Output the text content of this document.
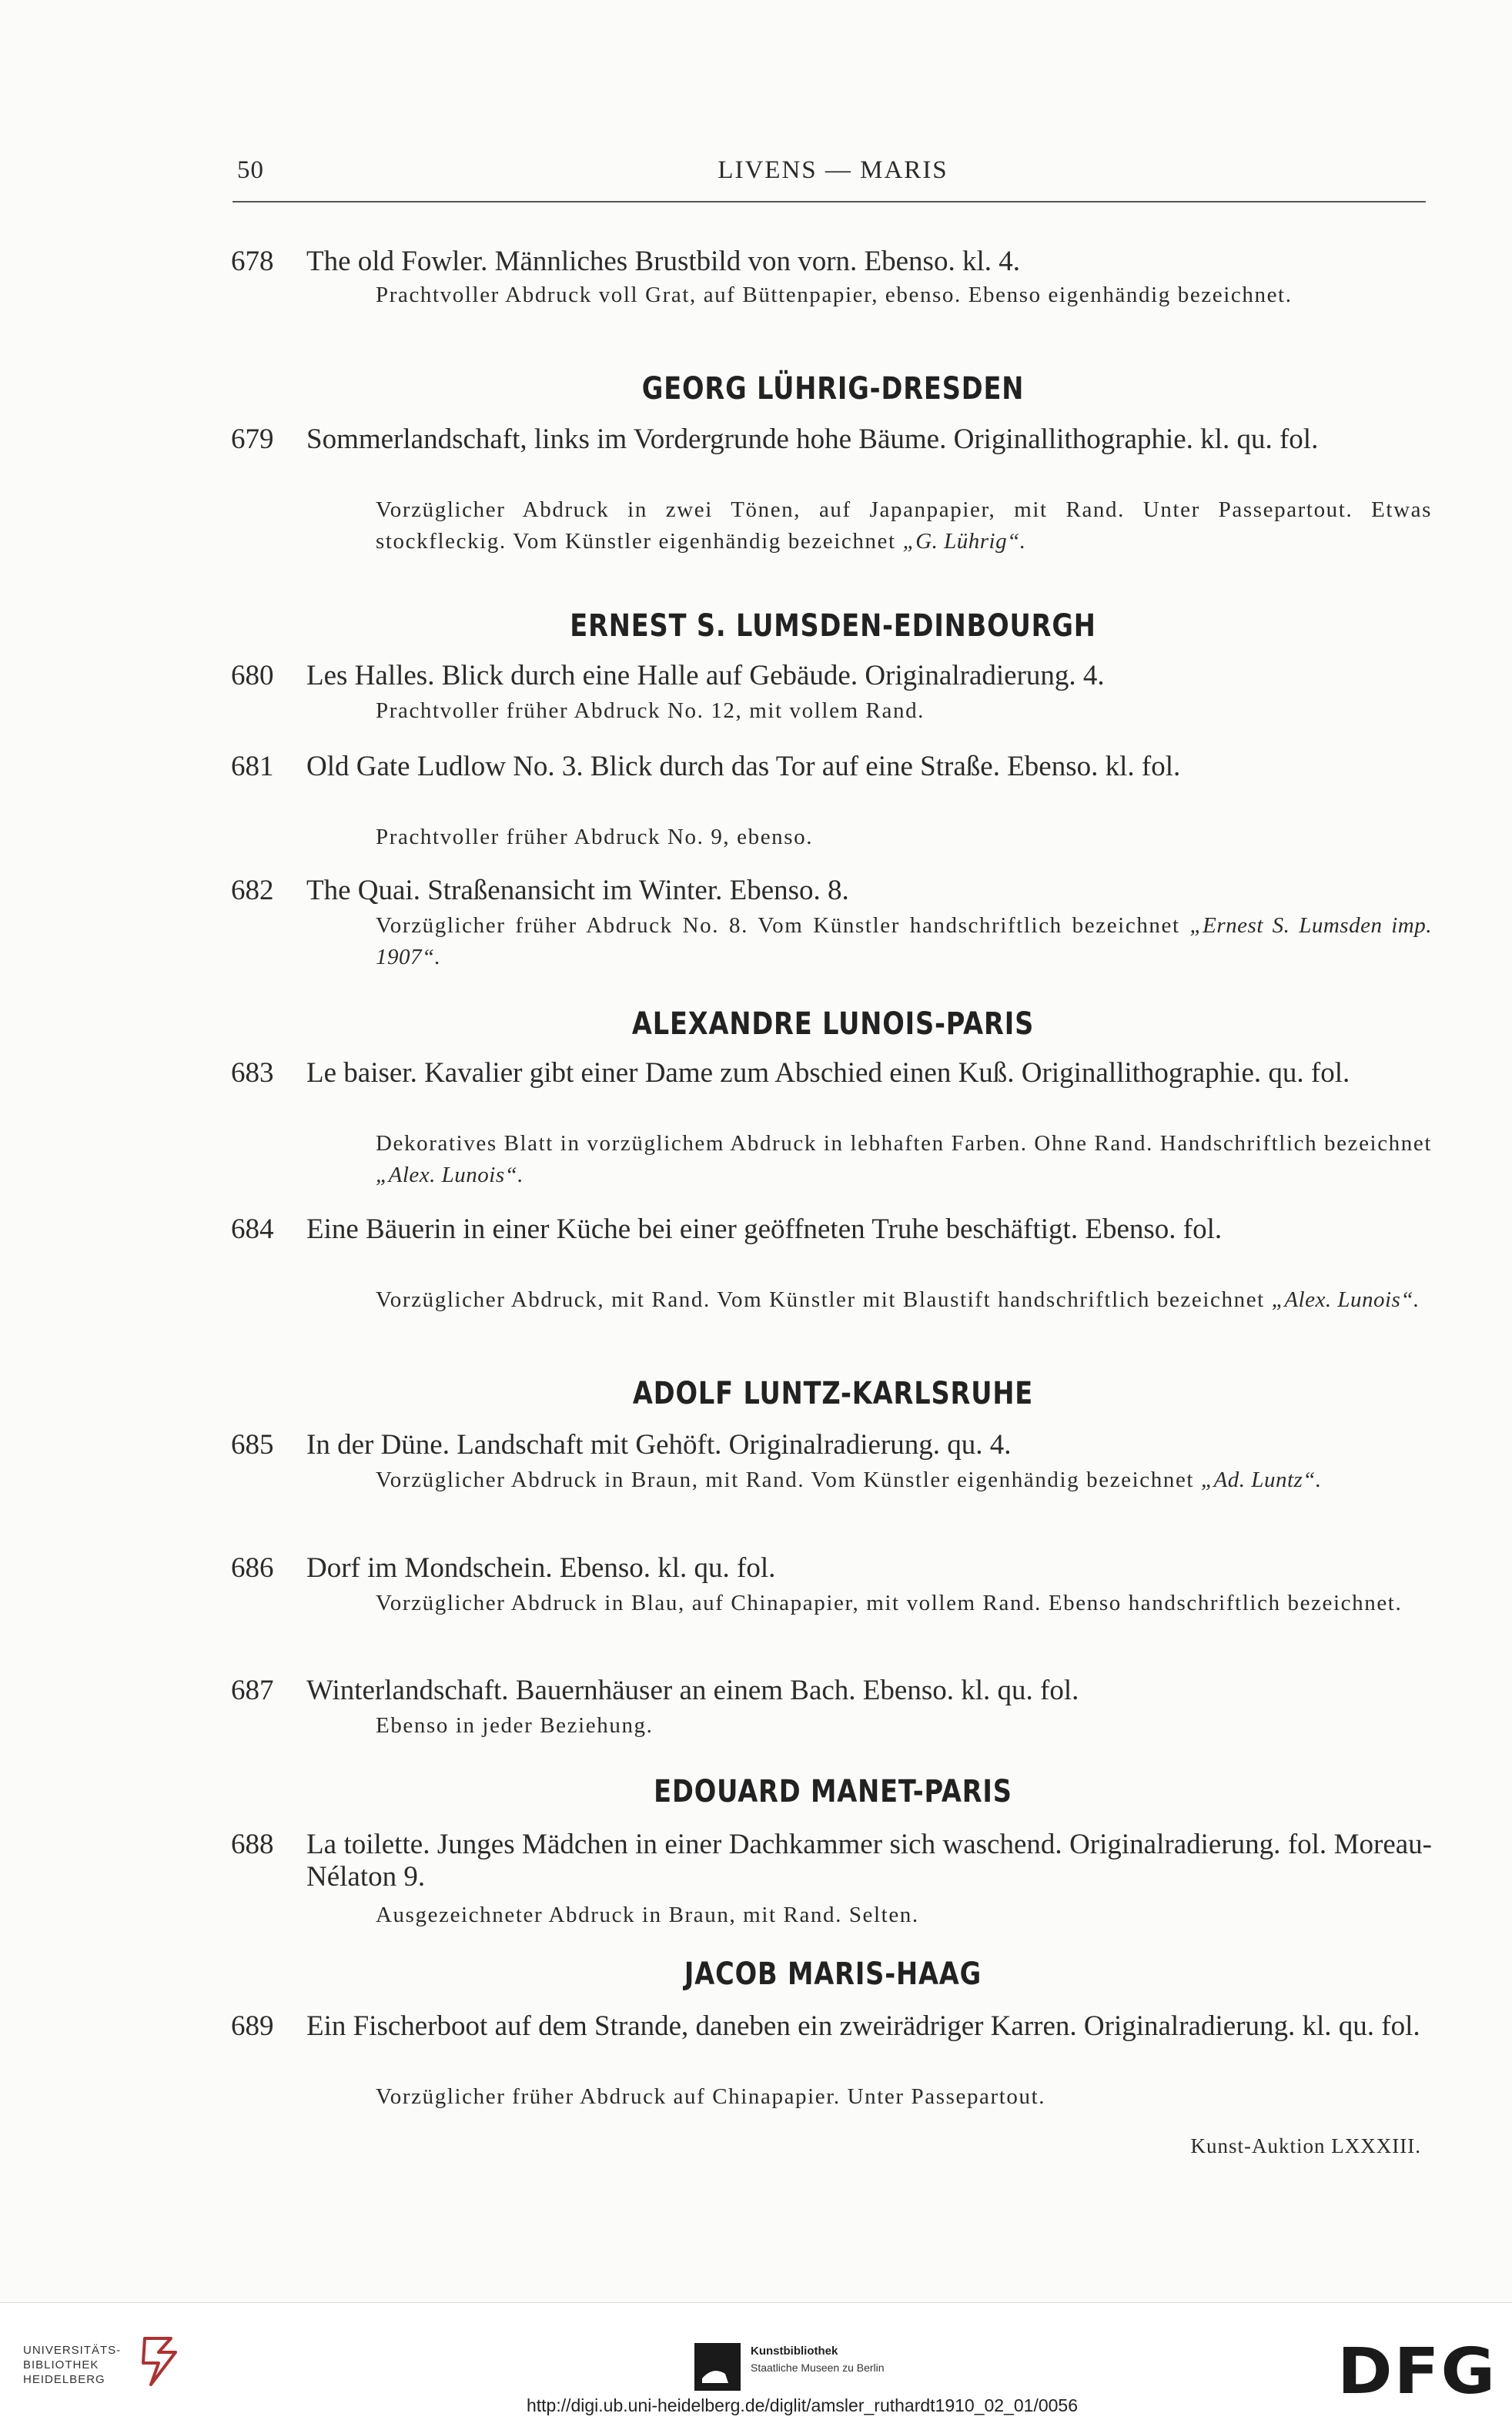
50	LIVENS — MARIS
678	The old Fowler. Männliches Brustbild von vorn. Ebenso. kl. 4.
Prachtvoller Abdruck voll Grat, auf Büttenpapier, ebenso. Ebenso eigenhändig bezeichnet.
GEORG LÜHRIG-DRESDEN
679	Sommerlandschaft, links im Vordergrunde hohe Bäume. Originallithographie. kl. qu. fol.
Vorzüglicher Abdruck in zwei Tönen, auf Japanpapier, mit Rand. Unter Passepartout. Etwas stockfleckig. Vom Künstler eigenhändig bezeichnet „G. Lührig“.
ERNEST S. LUMSDEN-EDINBOURGH
680	Les Halles. Blick durch eine Halle auf Gebäude. Originalradierung. 4.
Prachtvoller früher Abdruck No. 12, mit vollem Rand.
681	Old Gate Ludlow No. 3. Blick durch das Tor auf eine Straße. Ebenso. kl. fol.
Prachtvoller früher Abdruck No. 9, ebenso.
682	The Quai. Straßenansicht im Winter. Ebenso. 8.
Vorzüglicher früher Abdruck No. 8. Vom Künstler handschriftlich bezeichnet „Ernest S. Lumsden imp. 1907“.
ALEXANDRE LUNOIS-PARIS
683	Le baiser. Kavalier gibt einer Dame zum Abschied einen Kuß. Originallithographie. qu. fol.
Dekoratives Blatt in vorzüglichem Abdruck in lebhaften Farben. Ohne Rand. Handschriftlich bezeichnet „Alex. Lunois“.
684	Eine Bäuerin in einer Küche bei einer geöffneten Truhe beschäftigt. Ebenso. fol.
Vorzüglicher Abdruck, mit Rand. Vom Künstler mit Blaustift handschriftlich bezeichnet „Alex. Lunois“.
ADOLF LUNTZ-KARLSRUHE
685	In der Düne. Landschaft mit Gehöft. Originalradierung. qu. 4.
Vorzüglicher Abdruck in Braun, mit Rand. Vom Künstler eigenhändig bezeichnet „Ad. Luntz“.
686	Dorf im Mondschein. Ebenso. kl. qu. fol.
Vorzüglicher Abdruck in Blau, auf Chinapapier, mit vollem Rand. Ebenso handschriftlich bezeichnet.
687	Winterlandschaft. Bauernhäuser an einem Bach. Ebenso. kl. qu. fol.
Ebenso in jeder Beziehung.
EDOUARD MANET-PARIS
688	La toilette. Junges Mädchen in einer Dachkammer sich waschend. Originalradierung. fol. Moreau-Nélaton 9.
Ausgezeichneter Abdruck in Braun, mit Rand. Selten.
JACOB MARIS-HAAG
689	Ein Fischerboot auf dem Strande, daneben ein zweirädriger Karren. Originalradierung. kl. qu. fol.
Vorzüglicher früher Abdruck auf Chinapapier. Unter Passepartout.
Kunst-Auktion LXXXIII.
UNIVERSITÄTS-
BIBLIOTHEK
HEIDELBERG
Kunstbibliothek
Staatliche Museen zu Berlin	DFG
http://digi.ub.uni-heidelberg.de/diglit/amsler_ruthardt1910_02_01/0056
